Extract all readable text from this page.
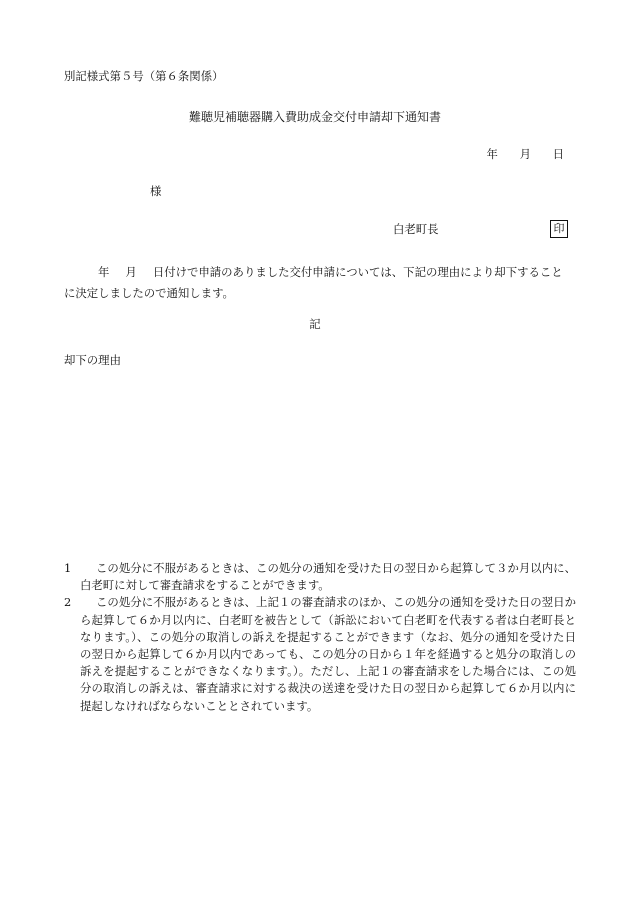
別記様式第５号（第６条関係）
難聴児補聴器購入費助成金交付申請却下通知書
年 月 日
様
白老町長	印
年 月 日付けで申請のありました交付申請については、下記の理由により却下することに決定しましたので通知します。
記
却下の理由
1	この処分に不服があるときは、この処分の通知を受けた日の翌日から起算して３か月以内に、白老町に対して審査請求をすることができます。
2	この処分に不服があるときは、上記１の審査請求のほか、この処分の通知を受けた日の翌日から起算して６か月以内に、白老町を被告として（訴訟において白老町を代表する者は白老町長となります。）、この処分の取消しの訴えを提起することができます（なお、処分の通知を受けた日の翌日から起算して６か月以内であっても、この処分の日から１年を経過すると処分の取消しの訴えを提起することができなくなります。）。ただし、上記１の審査請求をした場合には、この処分の取消しの訴えは、審査請求に対する裁決の送達を受けた日の翌日から起算して６か月以内に提起しなければならないこととされています。
